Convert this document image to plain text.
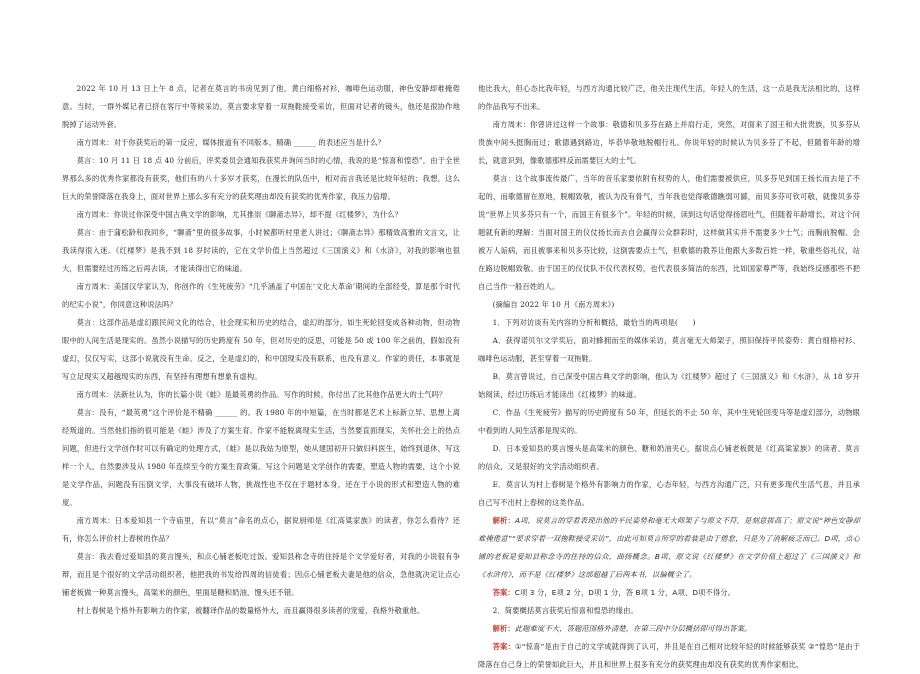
2022 年 10 月 13 日上午 8 点，记者在莫言的书房见到了他，黄白细格衬衫，咖啡色运动服，神色安静却难掩倦意。当时，一群外媒记者已挤在客厅中等候采访，莫言要求穿着一双拖鞋接受采访，但面对记者的镜头，他还是很协作地脱掉了运动外套。

南方周末：对于你获奖后的第一反应，媒体报道有不同版本，精确 ______ 的表述应当是什么？

莫言：10 月 11 日 18 点 40 分前后，评奖委员会通知我获奖并询问当时的心情，我说的是“惊喜和惶恐”，由于全世界那么多的优秀作家都没有获奖，他们有的八十多岁才获奖，在漫长的队伍中，相对而言我还是比较年轻的；我想，这么巨大的荣誉降落在我身上，面对世界上那么多有充分的获奖理由却没有获奖的优秀作家，我压力倍增。

南方周末：你说过你深受中国古典文学的影响，尤其推崇《聊斋志异》，却不提《红楼梦》，为什么？

莫言：由于蒲松龄和我同乡，“聊斋”里的很多故事，小时候都听村里老人讲过；《聊斋志异》那精致高雅的文言文，让我读得很入迷。《红楼梦》是我不到 18 岁时读的，它在文学价值上当然超过《三国演义》和《水浒》，对我的影响也很大，但需要经过历练之后再去读，才能读得出它的味道。

南方周末：美国汉学家认为，你创作的《生死疲劳》“几乎涵盖了中国在‘文化大革命’期间的全部经受，算是那个时代的纪实小说”，你同意这种说法吗？

莫言：这部作品是虚幻跟民间文化的结合，社会现实和历史的结合，虚幻的部分，如生死轮回变成各种动物，但动物眼中的人间生活是现实的。虽然小说描写的历史跨度有 50 年，但对历史的反思，可能是 50 或 100 年之前的，假如没有虚幻，仅仅写实，这部小说就没有生命。反之，全是虚幻的，和中国现实没有联系，也没有意义。作家的责任，本事就是写立足现实又超越现实的东西，有坚持有理想有想象有虚构。

南方周末：法新社认为，你的长篇小说《蛙》是最英勇的作品。写作的时候，你付出了比其他作品更大的士气吗？

莫言：没有，“最英勇”这个评价是不精确 ______ 的。我 1980 年的中短篇，在当时都是艺术上标新立异、思想上离经叛道的。当然他们指的很可能是《蛙》涉及了方案生育。作家不能脱离现实生活，当然要直面现实，关怀社会上的热点问题，但进行文学创作时可以有确定的处理方式，《蛙》是以我姑为原型，她从建国初开只做妇科医生，始终到退休，写这样一个人，自然要涉及从 1980 年连续至今的方案生育政策。写这个问题是文学创作的需要，塑造人物的需要，这个小说是文学作品，问题没有压倒文学，大事没有破坏人物，挑战性也不仅在于题材本身，还在于小说的形式和塑造人物的难度。

南方周末：日本爱知县一个寺庙里，有以“莫言”命名的点心，据说厨师是《红高粱家族》的读者，你怎么看待？还有，你怎么评价村上春树的作品？

莫言：我去看过爱知县的莫言馒头，和点心铺老板吃过饭。爱知县称念寺的住持是个文学爱好者，对我的小说很有争辩，而且是个很好的文学活动组织者，他把我的书发给四周的信徒看；因点心铺老板夫妻是他的信众，急他就决定让点心铺老板做一种莫言馒头，高粱米的颜色，里面是糖和奶油，馒头还不错。

村上春树是个格外有影响力的作家，被翻译作品的数量格外大，而且赢得很多读者的宠爱，我格外敬重他。

他比我大，但心态比我年轻，与西方沟通比较广泛，他关注现代生活，年轻人的生活，这一点是我无法相比的，这样的作品我写不出来。

南方周末：你曾讲过这样一个故事：敬德和贝多芬在路上并肩行走，突然，对面来了国王和大批贵族，贝多芬从贵族中间头挺胸而过；歌德遇到路边，毕恭毕敬地脱帽行礼。你说年轻的时候认为贝多芬了不起，但随着年龄的增长，就意识到，像歌德那样反而需要巨大的士气。

莫言：这个故事流传最广，当年的音乐家要依附有权势的人，他们需要被供应，贝多芬见到国王扬长而去是了不起的，而歌德留在原地，脱帽致敬，被认为没有骨气，当年我也觉得歌德瞧弱可鄙，而贝多芬可钦可敬，就像贝多芬说“世界上贝多芬只有一个，而国王有很多个”。年轻的时候，读到这句话觉得扬眉吐气，但随着年龄增长，对这个问题就有新的理解：当面对国王的仪仗扬长而去自会赢得公众群彩时，这样做其实并不需要多少士气；而胸前脱帽、会被万人诟病，而且被事来和贝多芬比较，这倒需要点士气，但歌德的教养让他跟大多数百姓一样，敬重些俗礼仪，站在路边脱帽致敬。由于国王的仪仗队不仅代表权势，也代表很多简洁的东西，比如国家尊严等，我始终反感那些不把自己当作一般百姓的人。

(摘编自 2022 年 10 月《南方周末》)

1．下列对访谈有关内容的分析和概括，最恰当的两项是(　　)

A．获得诺贝尔文学奖后，面对蜂拥而至的媒体采访，莫言毫无大师架子，照旧保持平民姿势：黄白细格衬衫、咖啡色运动服，甚至穿着一双拖鞋。

B．莫言曾说过，自己深受中国古典文学的影响，他认为《红楼梦》超过了《三国演义》和《水浒》，从 18 岁开始阅读，经过历练后才能读出《红楼梦》的味道。

C．作品《生死疲劳》描写的历史跨度有 50 年，但延长的不止 50 年，其中生死轮回变马等是虚幻部分，动物眼中看到的人间生活都是现实的。

D．日本爱知县的莫言馒头是高粱米的颜色、糖和奶油夹心，据说点心铺老板既是《红高粱家族》的读者、莫言的信众，又是很好的文学活动组织者。

E．莫言认为村上春树是个格外有影响力的作家，心态年轻，与西方沟通广泛，只有更多现代生活气息，并且承自己写不出村上春树的这类作品。

解析：A项，说莫言的穿着表现出他的平民姿势和毫无大师架子与原文不符，是刻意拔高了；原文说“神色安静却难掩倦意”“要求穿着一双拖鞋接受采访”，由此可知莫言所穿的着装是由于倦怠，只是为了消解疲乏而已。D项，点心铺的老板是爱知县称念寺的住持的信众，曲扬概念。B项，原文说《红楼梦》在文学价值上超过了《三国演义》和《水浒传》，而不是《红楼梦》这部超越了后两本书，以偏概全了。

答案：C项 3 分，E项 2 分，D项 1 分，答 B项 1 分，A项、D项不得分。

2．简要概括莫言获奖后惊喜和惶恐的缘由。

解析：此题难度不大，答题范围格外清楚，在第三段中分层概括即可得出答案。

答案：①“惊喜”是由于自己的文学成就得到了认可，并且是在自己相对比较年轻的时候能够获奖 ②“惶恐”是由于降落在自己身上的荣誉如此巨大，并且和世界上很多有充分的获奖理由却没有获奖的优秀作家相比，
